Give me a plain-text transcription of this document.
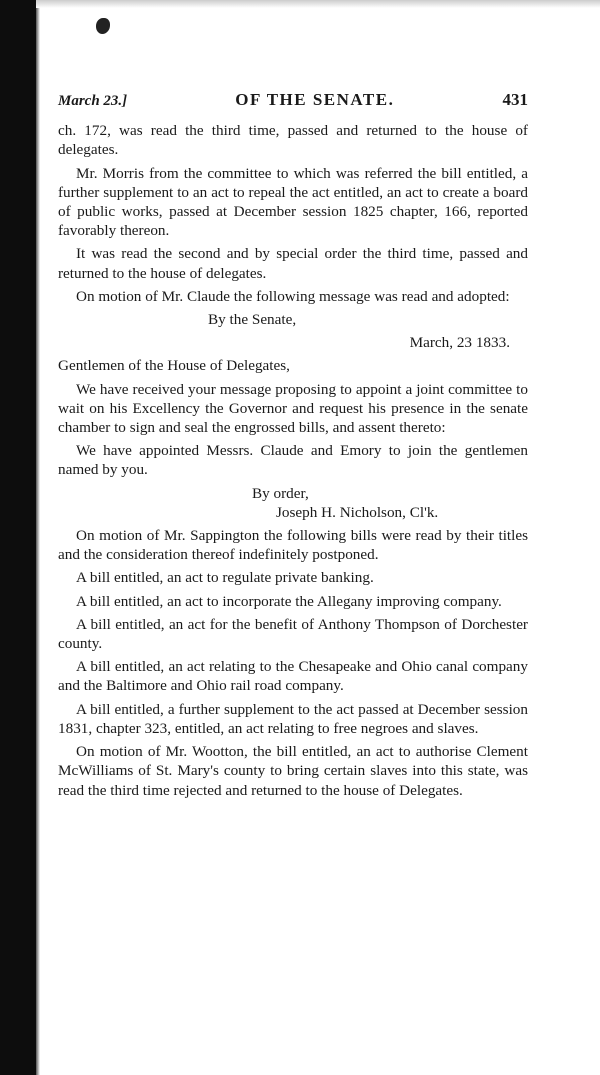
March 23.]	OF THE SENATE.	431

ch. 172, was read the third time, passed and returned to the house of delegates.

Mr. Morris from the committee to which was referred the bill entitled, a further supplement to an act to repeal the act entitled, an act to create a board of public works, passed at December session 1825 chapter, 166, reported favorably thereon.

It was read the second and by special order the third time, passed and returned to the house of delegates.

On motion of Mr. Claude the following message was read and adopted:

By the Senate,

March, 23 1833.

Gentlemen of the House of Delegates,

We have received your message proposing to appoint a joint committee to wait on his Excellency the Governor and request his presence in the senate chamber to sign and seal the engrossed bills, and assent thereto:

We have appointed Messrs. Claude and Emory to join the gentlemen named by you.

By order,

Joseph H. Nicholson, Cl'k.

On motion of Mr. Sappington the following bills were read by their titles and the consideration thereof indefinitely postponed.

A bill entitled, an act to regulate private banking.

A bill entitled, an act to incorporate the Allegany improving company.

A bill entitled, an act for the benefit of Anthony Thompson of Dorchester county.

A bill entitled, an act relating to the Chesapeake and Ohio canal company and the Baltimore and Ohio rail road company.

A bill entitled, a further supplement to the act passed at December session 1831, chapter 323, entitled, an act relating to free negroes and slaves.

On motion of Mr. Wootton, the bill entitled, an act to authorise Clement McWilliams of St. Mary's county to bring certain slaves into this state, was read the third time rejected and returned to the house of Delegates.
